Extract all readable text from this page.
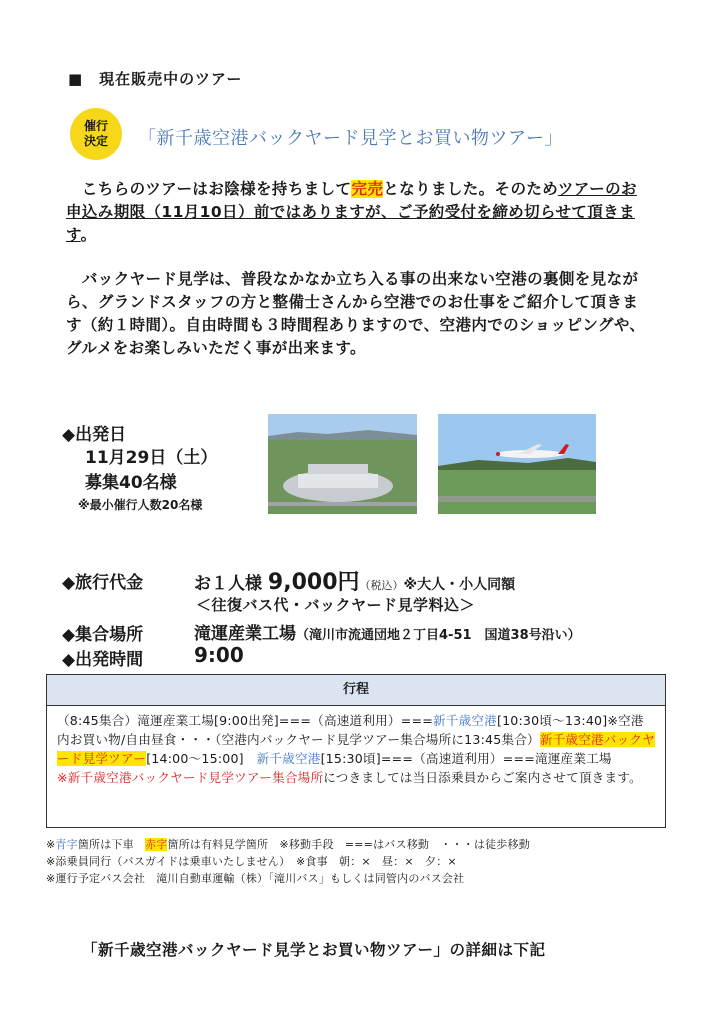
■　現在販売中のツアー
催行
決定 「新千歳空港バックヤード見学とお買い物ツアー」
　こちらのツアーはお陰様を持ちまして完売となりました。そのためツアーのお申込み期限（11月10日）前ではありますが、ご予約受付を締め切らせて頂きます。
　バックヤード見学は、普段なかなか立ち入る事の出来ない空港の裏側を見ながら、グランドスタッフの方と整備士さんから空港でのお仕事をご紹介して頂きます（約１時間）。自由時間も３時間程ありますので、空港内でのショッピングや、グルメをお楽しみいただく事が出来ます。
◆出発日
11月29日（土）
募集40名様
※最小催行人数20名様
◆旅行代金	お１人様 9,000円（税込）※大人・小人同額
＜往復バス代・バックヤード見学料込＞
◆集合場所	滝運産業工場（滝川市流通団地２丁目4-51　国道38号沿い）
◆出発時間	9:00
行程
（8:45集合）滝運産業工場[9:00出発]===（高速道利用）===新千歳空港[10:30頃〜13:40]※空港内お買い物/自由昼食・・・（空港内バックヤード見学ツアー集合場所に13:45集合）新千歳空港バックヤード見学ツアー[14:00〜15:00]　新千歳空港[15:30頃]===（高速道利用）===滝運産業工場
※新千歳空港バックヤード見学ツアー集合場所につきましては当日添乗員からご案内させて頂きます。
※青字箇所は下車　赤字箇所は有料見学箇所　※移動手段　===はバス移動　・・・は徒歩移動
※添乗員同行（バスガイドは乗車いたしません）　※食事　朝：×　昼：×　夕：×
※運行予定バス会社　滝川自動車運輸（株）「滝川バス」もしくは同管内のバス会社
「新千歳空港バックヤード見学とお買い物ツアー」の詳細は下記
